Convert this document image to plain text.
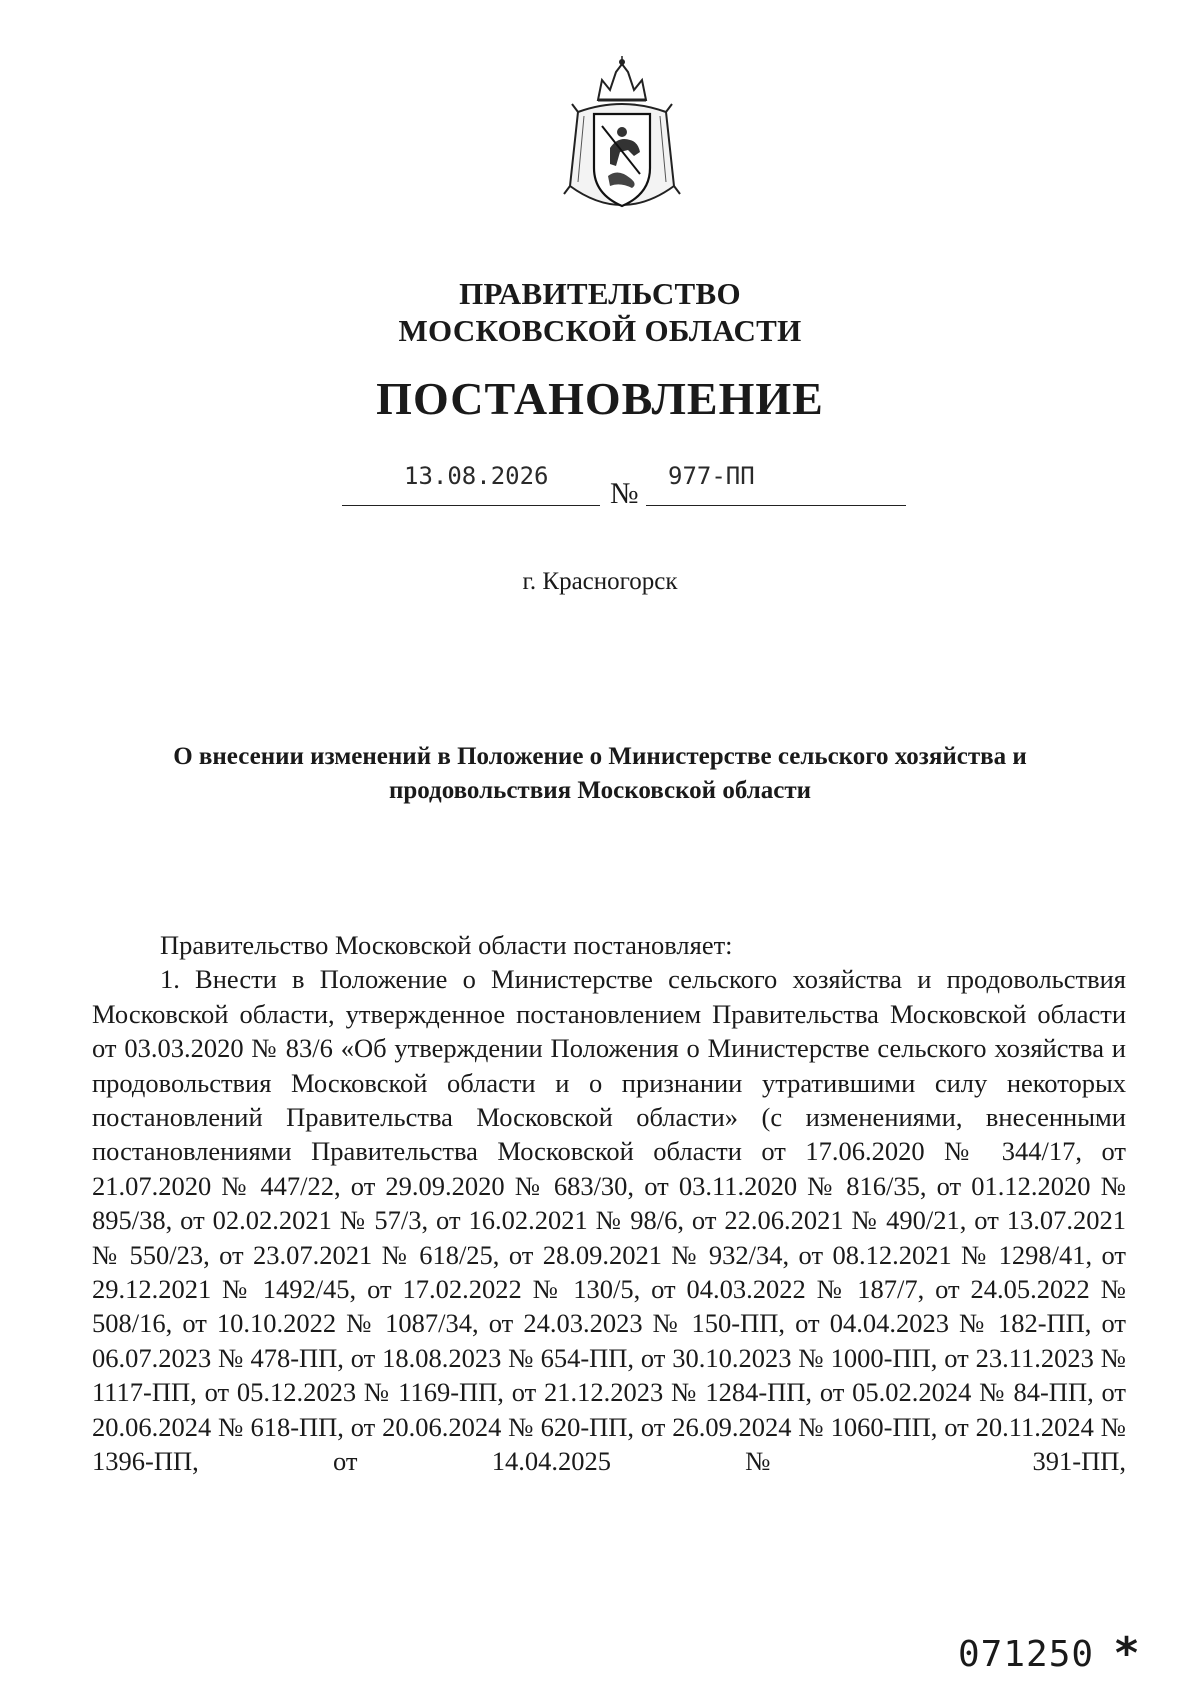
ПРАВИТЕЛЬСТВО
МОСКОВСКОЙ ОБЛАСТИ
ПОСТАНОВЛЕНИЕ
13.08.2026
№
977-ПП
г. Красногорск
О внесении изменений в Положение о Министерстве сельского хозяйства и продовольствия Московской области

Правительство Московской области постановляет:

1. Внести в Положение о Министерстве сельского хозяйства и продовольствия Московской области, утвержденное постановлением Правительства Московской области от 03.03.2020 № 83/6 «Об утверждении Положения о Министерстве сельского хозяйства и продовольствия Московской области и о признании утратившими силу некоторых постановлений Правительства Московской области» (с изменениями, внесенными постановлениями Правительства Московской области от 17.06.2020 № 344/17, от 21.07.2020 № 447/22, от 29.09.2020 № 683/30, от 03.11.2020 № 816/35, от 01.12.2020 № 895/38, от 02.02.2021 № 57/3, от 16.02.2021 № 98/6, от 22.06.2021 № 490/21, от 13.07.2021 № 550/23, от 23.07.2021 № 618/25, от 28.09.2021 № 932/34, от 08.12.2021 № 1298/41, от 29.12.2021 № 1492/45, от 17.02.2022 № 130/5, от 04.03.2022 № 187/7, от 24.05.2022 № 508/16, от 10.10.2022 № 1087/34, от 24.03.2023 № 150-ПП, от 04.04.2023 № 182-ПП, от 06.07.2023 № 478-ПП, от 18.08.2023 № 654-ПП, от 30.10.2023 № 1000-ПП, от 23.11.2023 № 1117-ПП, от 05.12.2023 № 1169-ПП, от 21.12.2023 № 1284-ПП, от 05.02.2024 № 84-ПП, от 20.06.2024 № 618-ПП, от 20.06.2024 № 620-ПП, от 26.09.2024 № 1060-ПП, от 20.11.2024 № 1396-ПП, от 14.04.2025 № 391-ПП,

071250 *
